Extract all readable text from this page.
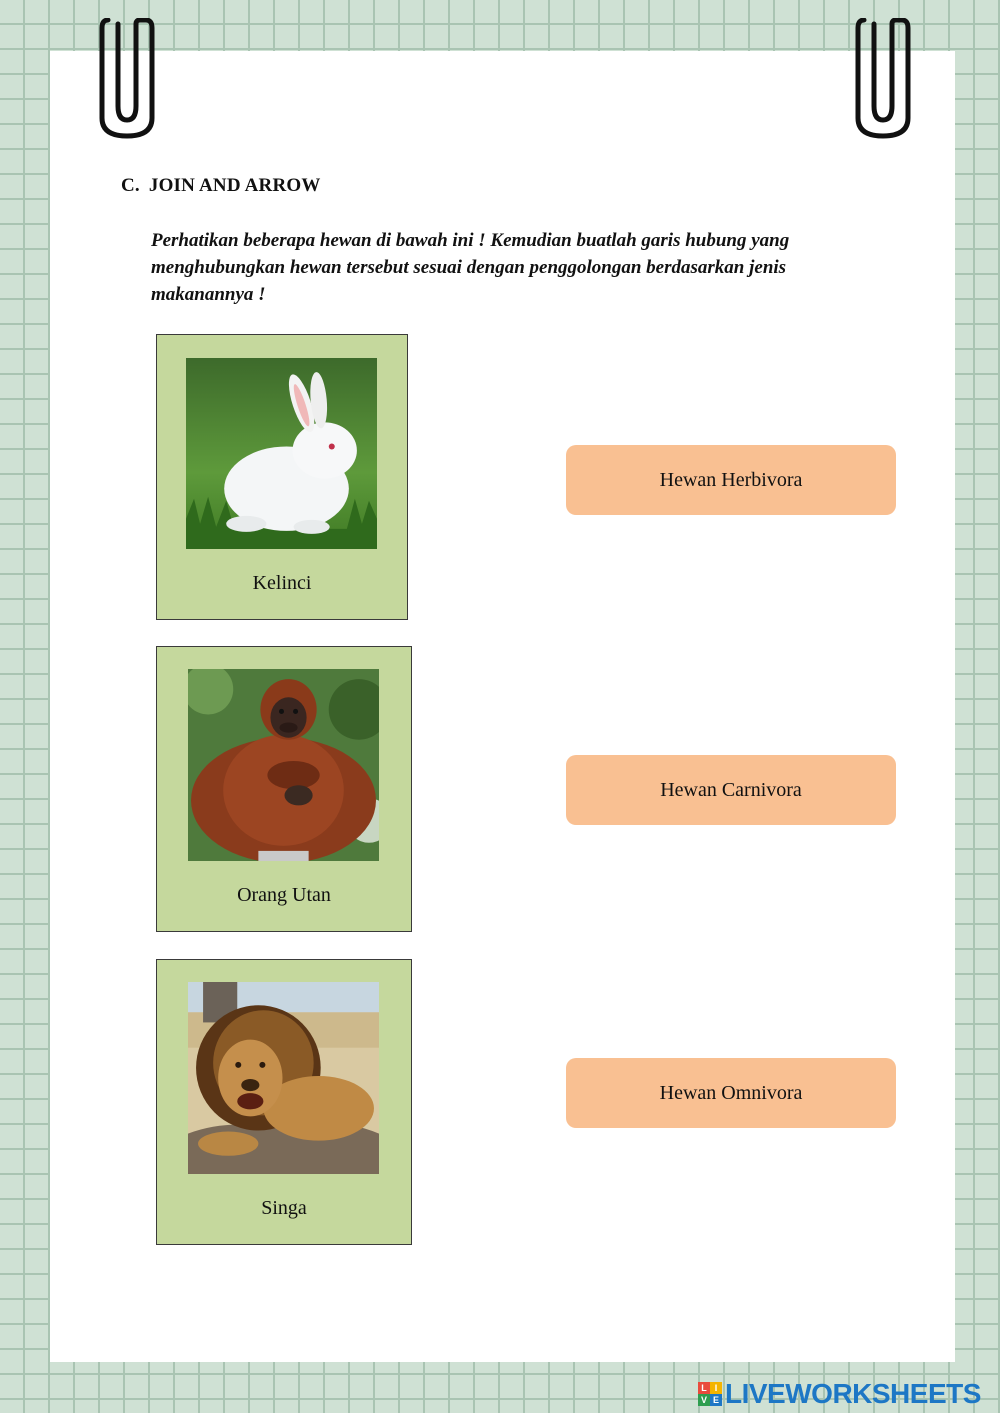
C. JOIN AND ARROW
Perhatikan beberapa hewan di bawah ini ! Kemudian buatlah garis hubung yang menghubungkan hewan tersebut sesuai dengan penggolongan berdasarkan jenis makanannya !
Kelinci
Orang Utan
Singa
Hewan Herbivora
Hewan Carnivora
Hewan Omnivora
L I
V E LIVEWORKSHEETS
